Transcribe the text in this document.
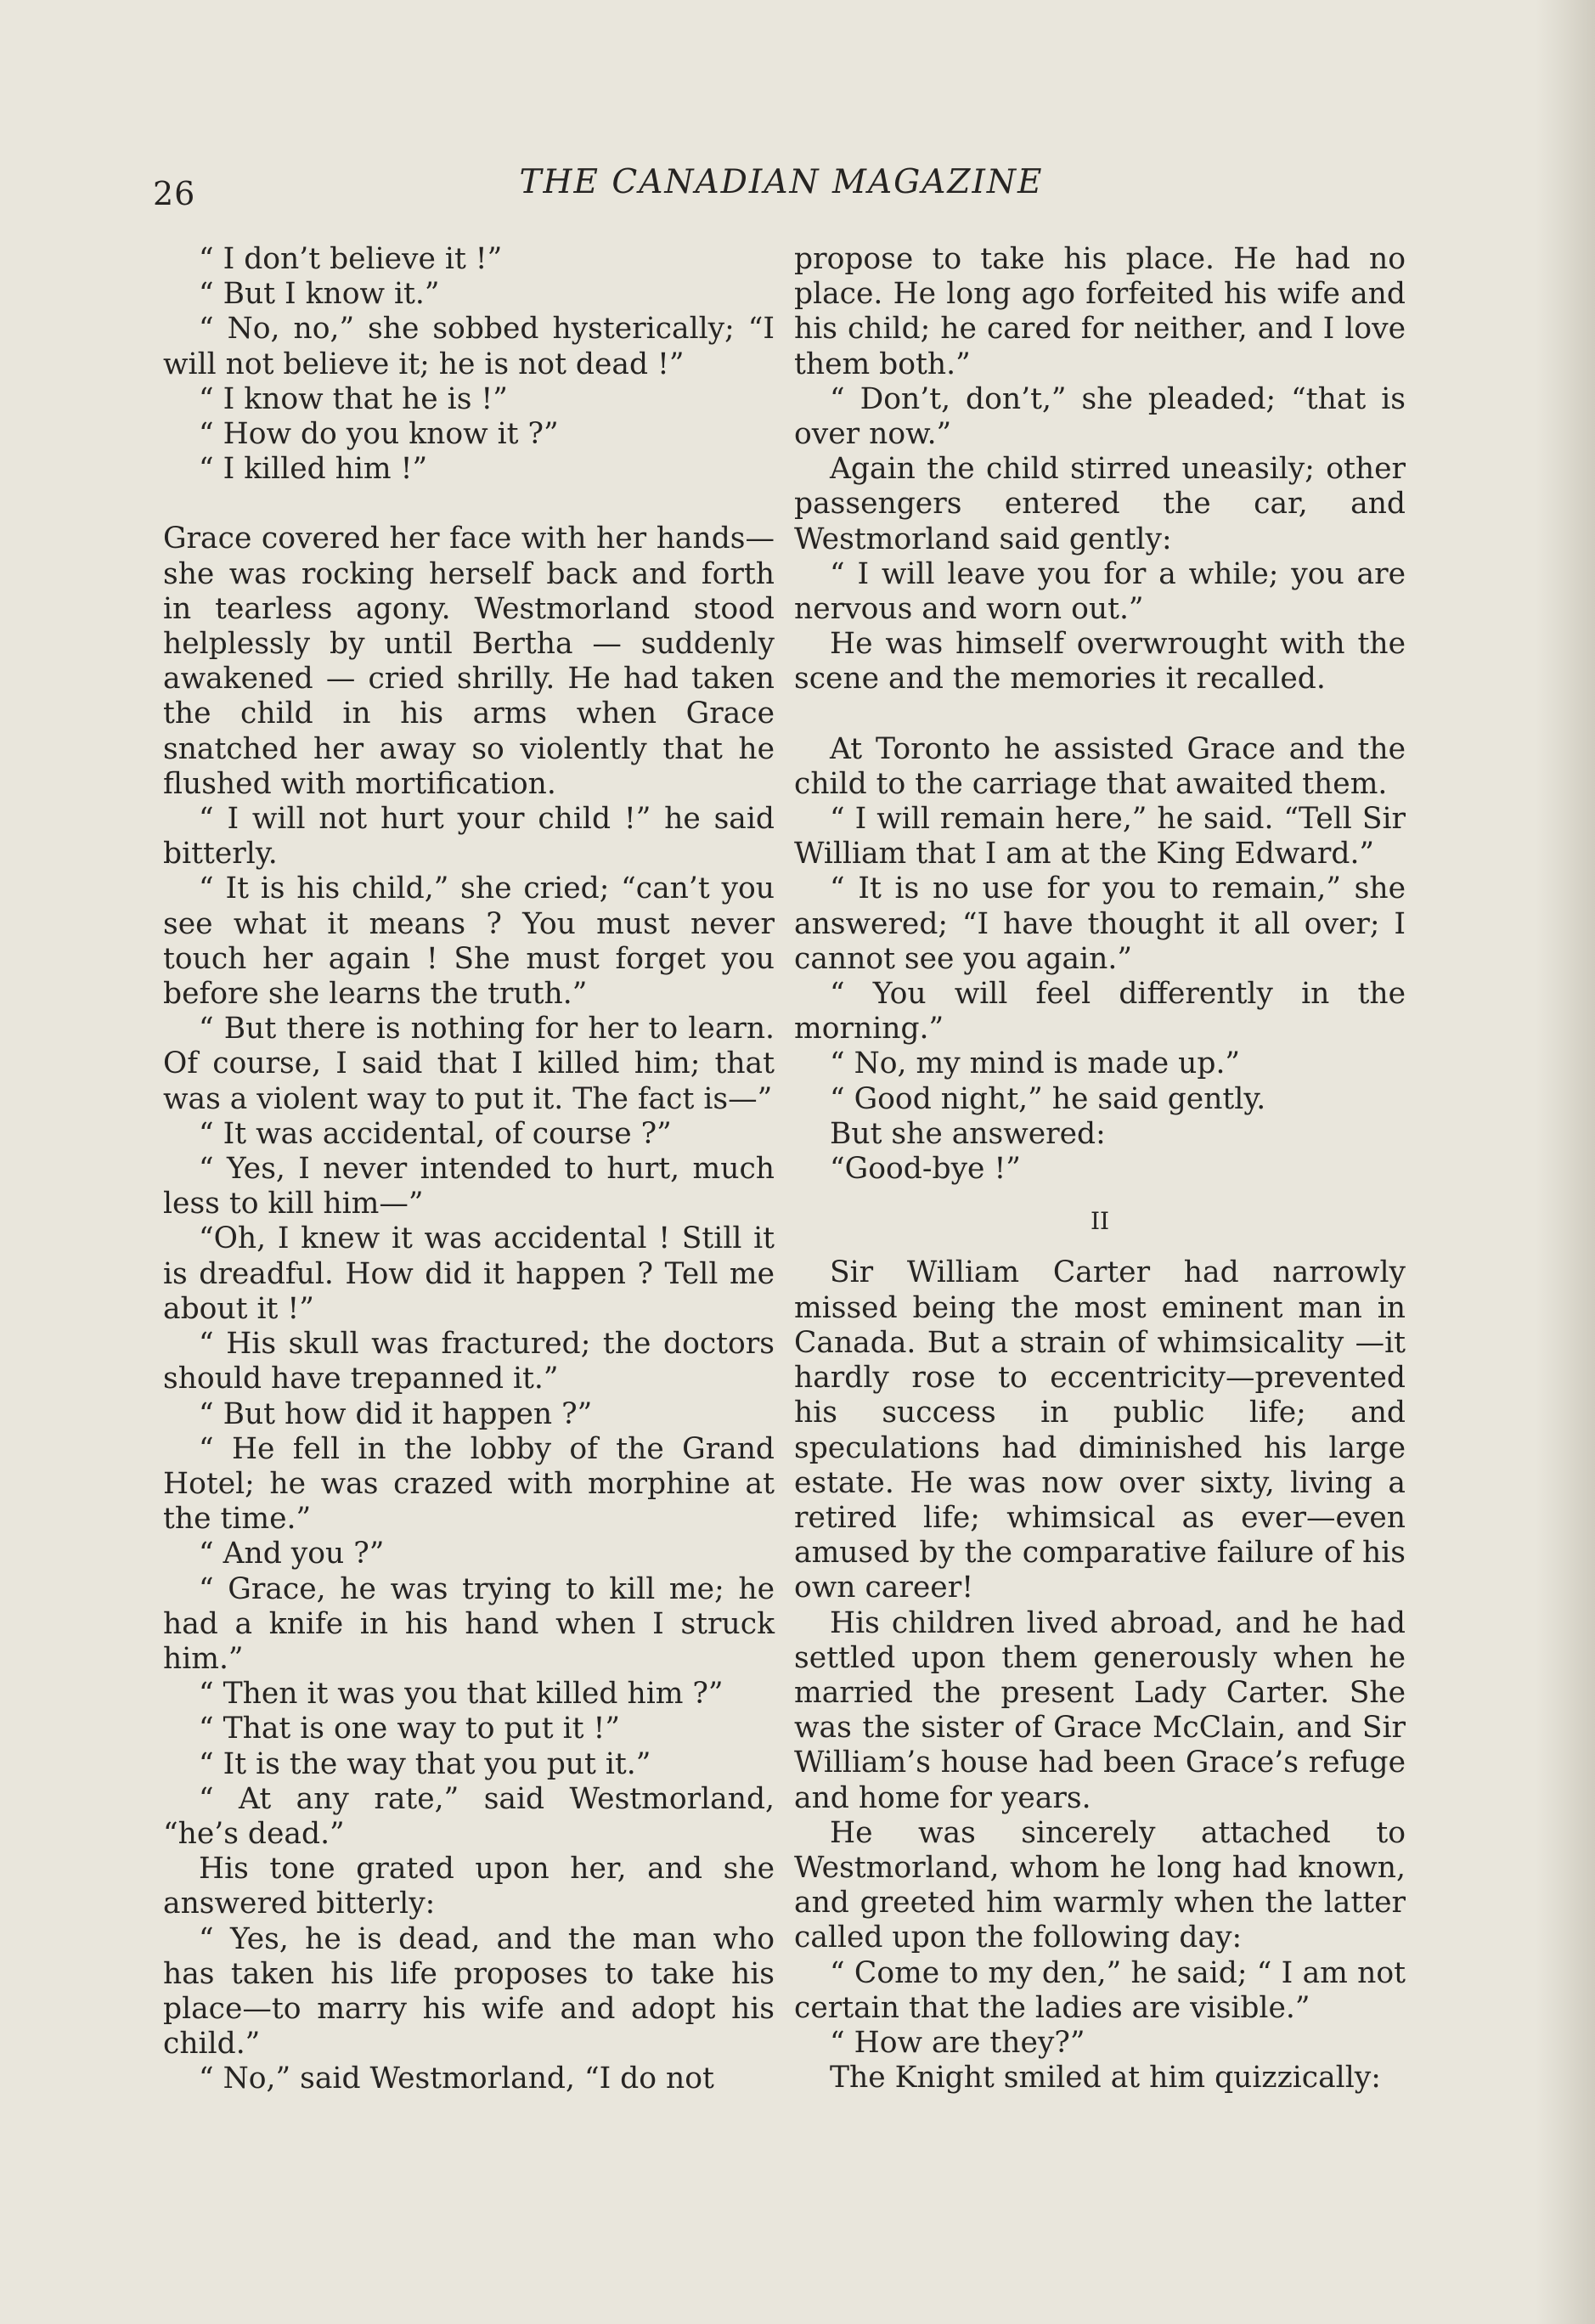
26	THE CANADIAN MAGAZINE

“ I don’t believe it !”

“ But I know it.”

“ No, no,” she sobbed hysterically; “I will not believe it; he is not dead !”

“ I know that he is !”

“ How do you know it ?”

“ I killed him !”

Grace covered her face with her hands—she was rocking herself back and forth in tearless agony. Westmorland stood helplessly by until Bertha — suddenly awakened — cried shrilly. He had taken the child in his arms when Grace snatched her away so violently that he flushed with mortification.

“ I will not hurt your child !” he said bitterly.

“ It is his child,” she cried; “can’t you see what it means ? You must never touch her again ! She must forget you before she learns the truth.”

“ But there is nothing for her to learn. Of course, I said that I killed him; that was a violent way to put it. The fact is—”

“ It was accidental, of course ?”

“ Yes, I never intended to hurt, much less to kill him—”

“Oh, I knew it was accidental ! Still it is dreadful. How did it happen ? Tell me about it !”

“ His skull was fractured; the doctors should have trepanned it.”

“ But how did it happen ?”

“ He fell in the lobby of the Grand Hotel; he was crazed with morphine at the time.”

“ And you ?”

“ Grace, he was trying to kill me; he had a knife in his hand when I struck him.”

“ Then it was you that killed him ?”

“ That is one way to put it !”

“ It is the way that you put it.”

“ At any rate,” said Westmorland, “he’s dead.”

His tone grated upon her, and she answered bitterly:

“ Yes, he is dead, and the man who has taken his life proposes to take his place—to marry his wife and adopt his child.”

“ No,” said Westmorland, “I do not

propose to take his place. He had no place. He long ago forfeited his wife and his child; he cared for neither, and I love them both.”

“ Don’t, don’t,” she pleaded; “that is over now.”

Again the child stirred uneasily; other passengers entered the car, and Westmorland said gently:

“ I will leave you for a while; you are nervous and worn out.”

He was himself overwrought with the scene and the memories it recalled.

At Toronto he assisted Grace and the child to the carriage that awaited them.

“ I will remain here,” he said. “Tell Sir William that I am at the King Edward.”

“ It is no use for you to remain,” she answered; “I have thought it all over; I cannot see you again.”

“ You will feel differently in the morning.”

“ No, my mind is made up.”

“ Good night,” he said gently.

But she answered:

“Good-bye !”

II

Sir William Carter had narrowly missed being the most eminent man in Canada. But a strain of whimsicality —it hardly rose to eccentricity—prevented his success in public life; and speculations had diminished his large estate. He was now over sixty, living a retired life; whimsical as ever—even amused by the comparative failure of his own career!

His children lived abroad, and he had settled upon them generously when he married the present Lady Carter. She was the sister of Grace McClain, and Sir William’s house had been Grace’s refuge and home for years.

He was sincerely attached to Westmorland, whom he long had known, and greeted him warmly when the latter called upon the following day:

“ Come to my den,” he said; “ I am not certain that the ladies are visible.”

“ How are they?”

The Knight smiled at him quizzically:
